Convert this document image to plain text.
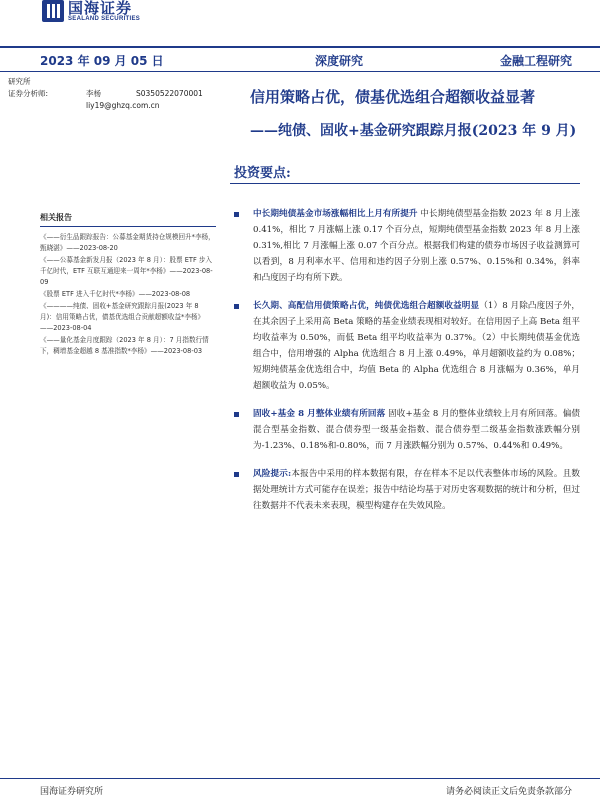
国海证券
SEALAND SECURITIES
2023 年 09 月 05 日	深度研究	金融工程研究
研究所
证券分析师:	李杨	S0350522070001
liy19@ghzq.com.cn	信用策略占优，债基优选组合超额收益显著
——纯债、固收+基金研究跟踪月报(2023 年 9 月)
投资要点:
相关报告
《——衍生品跟踪报告：公募基金期货持仓规模回升*李杨，甄晓湛》——2023-08-20
《——公募基金新发月报（2023 年 8 月）：股票 ETF 步入千亿时代，ETF 互联互通迎来一周年*李杨》——2023-08-09
《股票 ETF 进入千亿时代*李杨》——2023-08-08
《————纯债、固收+基金研究跟踪月报(2023 年 8 月)：信用策略占优，债基优选组合贡献超额收益*李杨》——2023-08-04
《——量化基金月度跟踪（2023 年 8 月）：7 月指数行情下，稠增基金超越 8 基准指数*李杨》——2023-08-03

中长期纯债基金市场涨幅相比上月有所提升 中长期纯债型基金指数 2023 年 8 月上涨 0.41%，相比 7 月涨幅上涨 0.17 个百分点，短期纯债型基金指数 2023 年 8 月上涨 0.31%,相比 7 月涨幅上涨 0.07 个百分点。根据我们构建的债券市场因子收益测算可以看到，8 月利率水平、信用和违约因子分别上涨 0.57%、0.15%和 0.34%，斜率和凸度因子均有所下跌。

长久期、高配信用债策略占优，纯债优选组合超额收益明显（1）8 月除凸度因子外，在其余因子上采用高 Beta 策略的基金业绩表现相对较好。在信用因子上高 Beta 组平均收益率为 0.50%，而低 Beta 组平均收益率为 0.37%。（2）中长期纯债基金优选组合中，信用增强的 Alpha 优选组合 8 月上涨 0.49%，单月超额收益约为 0.08%；短期纯债基金优选组合中，均值 Beta 的 Alpha 优选组合 8 月涨幅为 0.36%，单月超额收益为 0.05%。

固收+基金 8 月整体业绩有所回落 固收+基金 8 月的整体业绩较上月有所回落。偏债混合型基金指数、混合债券型一级基金指数、混合债券型二级基金指数涨跌幅分别为-1.23%、0.18%和-0.80%，而 7 月涨跌幅分别为 0.57%、0.44%和 0.49%。

风险提示:本报告中采用的样本数据有限，存在样本不足以代表整体市场的风险。且数据处理统计方式可能存在误差；报告中结论均基于对历史客观数据的统计和分析，但过往数据并不代表未来表现，模型构建存在失效风险。

国海证券研究所	请务必阅读正文后免责条款部分
